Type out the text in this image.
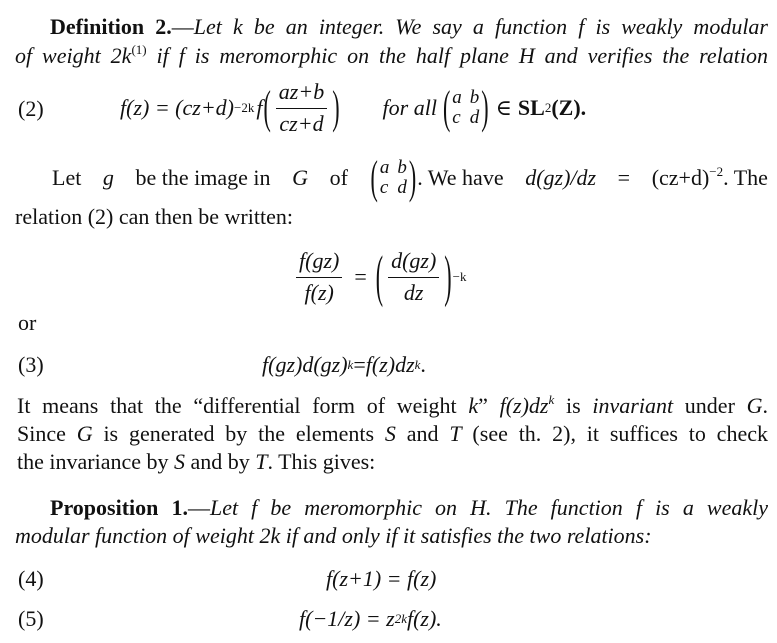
Definition 2.—Let k be an integer. We say a function f is weakly modular
of weight $2k^{(1)}$ if f is meromorphic on the half plane H and verifies the relation
(2)	f(z) = (cz+d) −2k f ( $\frac{az+b}{cz+d}$ ) for all ( a b
c d ) ∈ SL 2 (Z).
Let g be the image in G of ( a b
c d ) . We have $d(gz)/dz = (cz+d)^{-2}$. The
relation (2) can then be written:
$\frac{f(gz)}{f(z)}$ = ( $\frac{d(gz)}{dz}$ ) −k
or
(3)	f(gz)d(gz) k = f(z)dz k .
It means that the “differential form of weight k” $f(z)dz^k$ is invariant under G.
Since G is generated by the elements S and T (see th. 2), it suffices to check
the invariance by S and by T. This gives:
Proposition 1.—Let f be meromorphic on H. The function f is a weakly
modular function of weight 2k if and only if it satisfies the two relations:
(4)	f(z+1) = f(z)
(5)	f(−1/z) = z 2k f(z).
